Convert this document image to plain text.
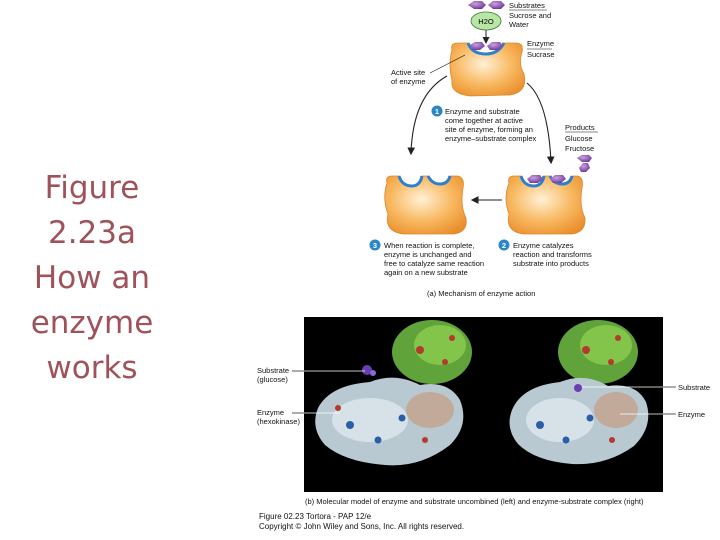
Figure
2.23a
How an
enzyme
works
Substrates
Sucrose and
Water
H2O
Enzyme
Sucrase
Active site
of enzyme
1 Enzyme and substrate
come together at active
site of enzyme, forming an
enzyme–substrate complex
Products
Glucose
Fructose
3 When reaction is complete,
enzyme is unchanged and
free to catalyze same reaction
again on a new substrate
2 Enzyme catalyzes
reaction and transforms
substrate into products
(a) Mechanism of enzyme action
Substrate
(glucose)
Enzyme
(hexokinase)
Substrate
Enzyme
(b) Molecular model of enzyme and substrate uncombined (left) and enzyme-substrate complex (right)
Figure 02.23 Tortora - PAP 12/e
Copyright © John Wiley and Sons, Inc. All rights reserved.
